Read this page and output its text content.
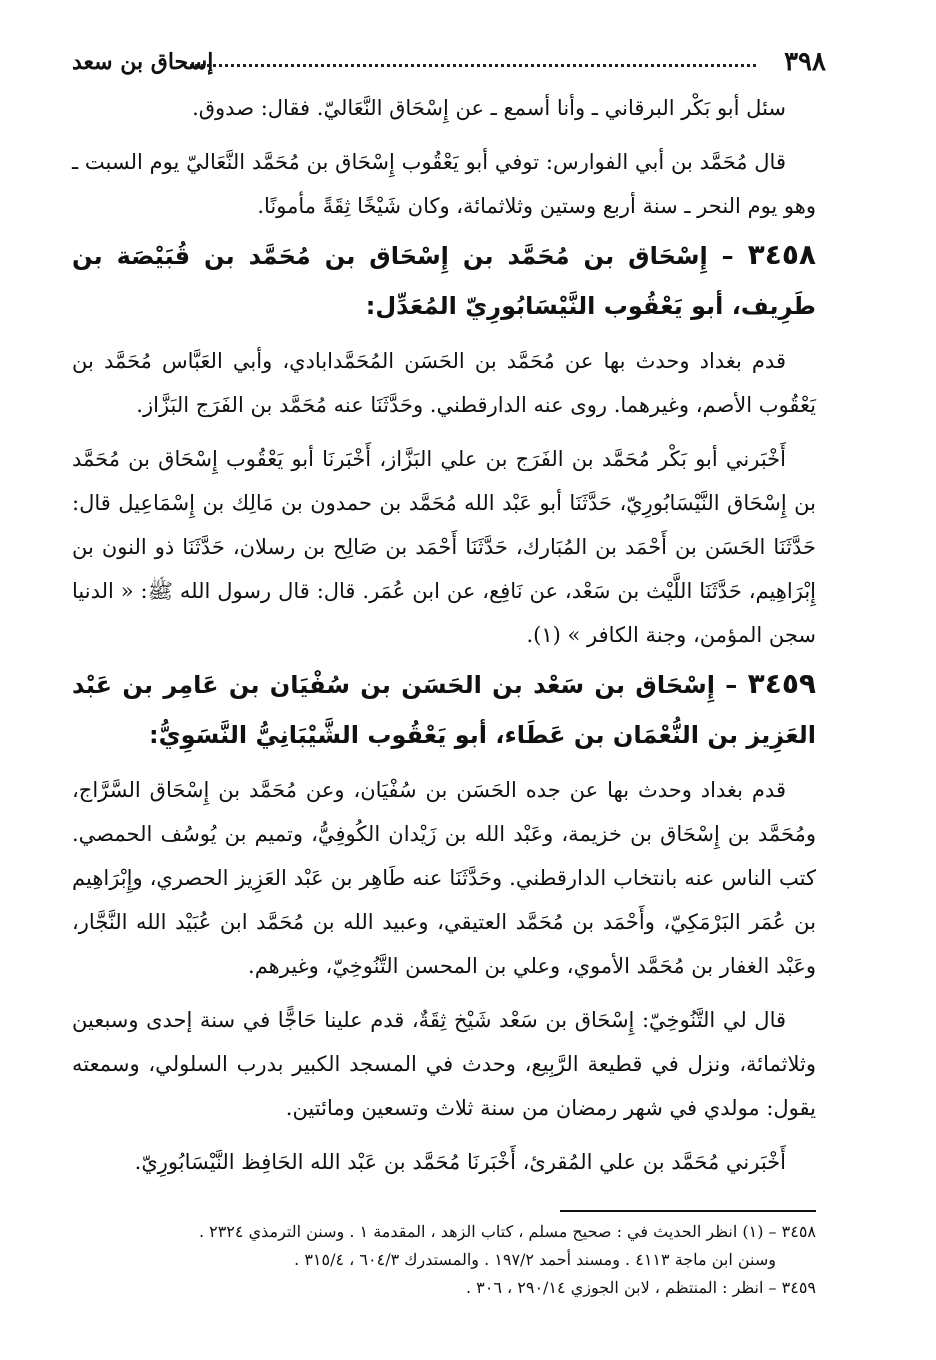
٣٩٨
إسحاق بن سعد
سئل أبو بَكْر البرقاني ـ وأنا أسمع ـ عن إِسْحَاق النَّعَاليّ. فقال: صدوق.
قال مُحَمَّد بن أبي الفوارس: توفي أبو يَعْقُوب إِسْحَاق بن مُحَمَّد النَّعَاليّ يوم السبت ـ وهو يوم النحر ـ سنة أربع وستين وثلاثمائة، وكان شَيْخًا ثِقَةً مأمونًا.
٣٤٥٨ – إِسْحَاق بن مُحَمَّد بن إِسْحَاق بن مُحَمَّد بن قُبَيْصَة بن طَرِيف، أبو يَعْقُوب النَّيْسَابُورِيّ المُعَدِّل:
قدم بغداد وحدث بها عن مُحَمَّد بن الحَسَن المُحَمَّدابادي، وأبي العَبَّاس مُحَمَّد بن يَعْقُوب الأصم، وغيرهما. روى عنه الدارقطني. وحَدَّثَنَا عنه مُحَمَّد بن الفَرَج البَزَّاز.
أَخْبَرني أبو بَكْر مُحَمَّد بن الفَرَج بن علي البَزَّاز، أَخْبَرنَا أبو يَعْقُوب إِسْحَاق بن مُحَمَّد بن إِسْحَاق النَّيْسَابُورِيّ، حَدَّثَنَا أبو عَبْد الله مُحَمَّد بن حمدون بن مَالِك بن إِسْمَاعِيل قال: حَدَّثَنَا الحَسَن بن أَحْمَد بن المُبَارك، حَدَّثَنَا أَحْمَد بن صَالِح بن رسلان، حَدَّثَنَا ذو النون بن إِبْرَاهِيم، حَدَّثَنَا اللَّيْث بن سَعْد، عن نَافِع، عن ابن عُمَر. قال: قال رسول الله ﷺ: « الدنيا سجن المؤمن، وجنة الكافر » (١).
٣٤٥٩ – إِسْحَاق بن سَعْد بن الحَسَن بن سُفْيَان بن عَامِر بن عَبْد العَزِيز بن النُّعْمَان بن عَطَاء، أبو يَعْقُوب الشَّيْبَانِيُّ النَّسَوِيُّ:
قدم بغداد وحدث بها عن جده الحَسَن بن سُفْيَان، وعن مُحَمَّد بن إِسْحَاق السَّرَّاج، ومُحَمَّد بن إِسْحَاق بن خزيمة، وعَبْد الله بن زَيْدان الكُوفِيُّ، وتميم بن يُوسُف الحمصي. كتب الناس عنه بانتخاب الدارقطني. وحَدَّثَنَا عنه طَاهِر بن عَبْد العَزِيز الحصري، وإِبْرَاهِيم بن عُمَر البَرْمَكِيّ، وأَحْمَد بن مُحَمَّد العتيقي، وعبيد الله بن مُحَمَّد ابن عُبَيْد الله النَّجَّار، وعَبْد الغفار بن مُحَمَّد الأموي، وعلي بن المحسن التَّنُوخِيّ، وغيرهم.
قال لي التَّنُوخِيّ: إِسْحَاق بن سَعْد شَيْخ ثِقَةٌ، قدم علينا حَاجًّا في سنة إحدى وسبعين وثلاثمائة، ونزل في قطيعة الرَّبِيع، وحدث في المسجد الكبير بدرب السلولي، وسمعته يقول: مولدي في شهر رمضان من سنة ثلاث وتسعين ومائتين.
أَخْبَرني مُحَمَّد بن علي المُقرئ، أَخْبَرنَا مُحَمَّد بن عَبْد الله الحَافِظ النَّيْسَابُورِيّ.
٣٤٥٨ – (١) انظر الحديث في : صحيح مسلم ، كتاب الزهد ، المقدمة ١ . وسنن الترمذي ٢٣٢٤ .
وسنن ابن ماجة ٤١١٣ . ومسند أحمد ١٩٧/٢ . والمستدرك ٦٠٤/٣ ، ٣١٥/٤ .
٣٤٥٩ – انظر : المنتظم ، لابن الجوزي ٢٩٠/١٤ ، ٣٠٦ .
